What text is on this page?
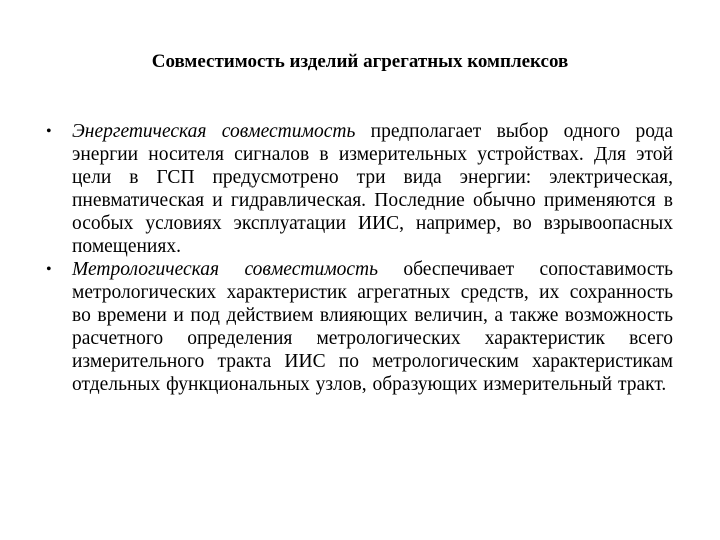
Совместимость изделий агрегатных комплексов
•	Энергетическая совместимость предполагает выбор одного рода энергии носителя сигналов в измерительных устройствах. Для этой цели в ГСП предусмотрено три вида энергии: электрическая, пневматическая и гидравлическая. Последние обычно применяются в особых условиях эксплуатации ИИС, например, во взрывоопасных помещениях.
•	Метрологическая совместимость обеспечивает сопоставимость метрологических характеристик агрегатных средств, их сохранность во времени и под действием влияющих величин, а также возможность расчетного определения метрологических характеристик всего измерительного тракта ИИС по метрологическим характеристикам отдельных функциональных узлов, образующих измерительный тракт.
